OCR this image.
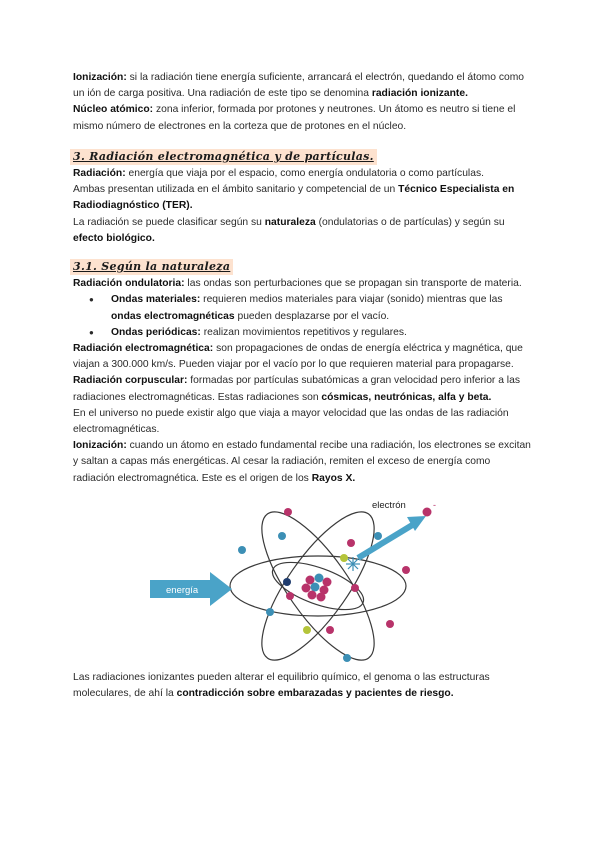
Ionización: si la radiación tiene energía suficiente, arrancará el electrón, quedando el átomo como un ión de carga positiva. Una radiación de este tipo se denomina radiación ionizante.

Núcleo atómico: zona inferior, formada por protones y neutrones. Un átomo es neutro si tiene el mismo número de electrones en la corteza que de protones en el núcleo.

3. Radiación electromagnética y de partículas.

Radiación: energía que viaja por el espacio, como energía ondulatoria o como partículas.

Ambas presentan utilizada en el ámbito sanitario y competencial de un Técnico Especialista en Radiodiagnóstico (TER).

La radiación se puede clasificar según su naturaleza (ondulatorias o de partículas) y según su efecto biológico.

3.1. Según la naturaleza

Radiación ondulatoria: las ondas son perturbaciones que se propagan sin transporte de materia.

● Ondas materiales: requieren medios materiales para viajar (sonido) mientras que las ondas electromagnéticas pueden desplazarse por el vacío.
● Ondas periódicas: realizan movimientos repetitivos y regulares.

Radiación electromagnética: son propagaciones de ondas de energía eléctrica y magnética, que viajan a 300.000 km/s. Pueden viajar por el vacío por lo que requieren material para propagarse.

Radiación corpuscular: formadas por partículas subatómicas a gran velocidad pero inferior a las radiaciones electromagnéticas. Estas radiaciones son cósmicas, neutrónicas, alfa y beta.

En el universo no puede existir algo que viaja a mayor velocidad que las ondas de las radiación electromagnéticas.

Ionización: cuando un átomo en estado fundamental recibe una radiación, los electrones se excitan y saltan a capas más energéticas. Al cesar la radiación, remiten el exceso de energía como radiación electromagnética. Este es el origen de los Rayos X.

electrón	-
energía

Las radiaciones ionizantes pueden alterar el equilibrio químico, el genoma o las estructuras moleculares, de ahí la contradicción sobre embarazadas y pacientes de riesgo.
